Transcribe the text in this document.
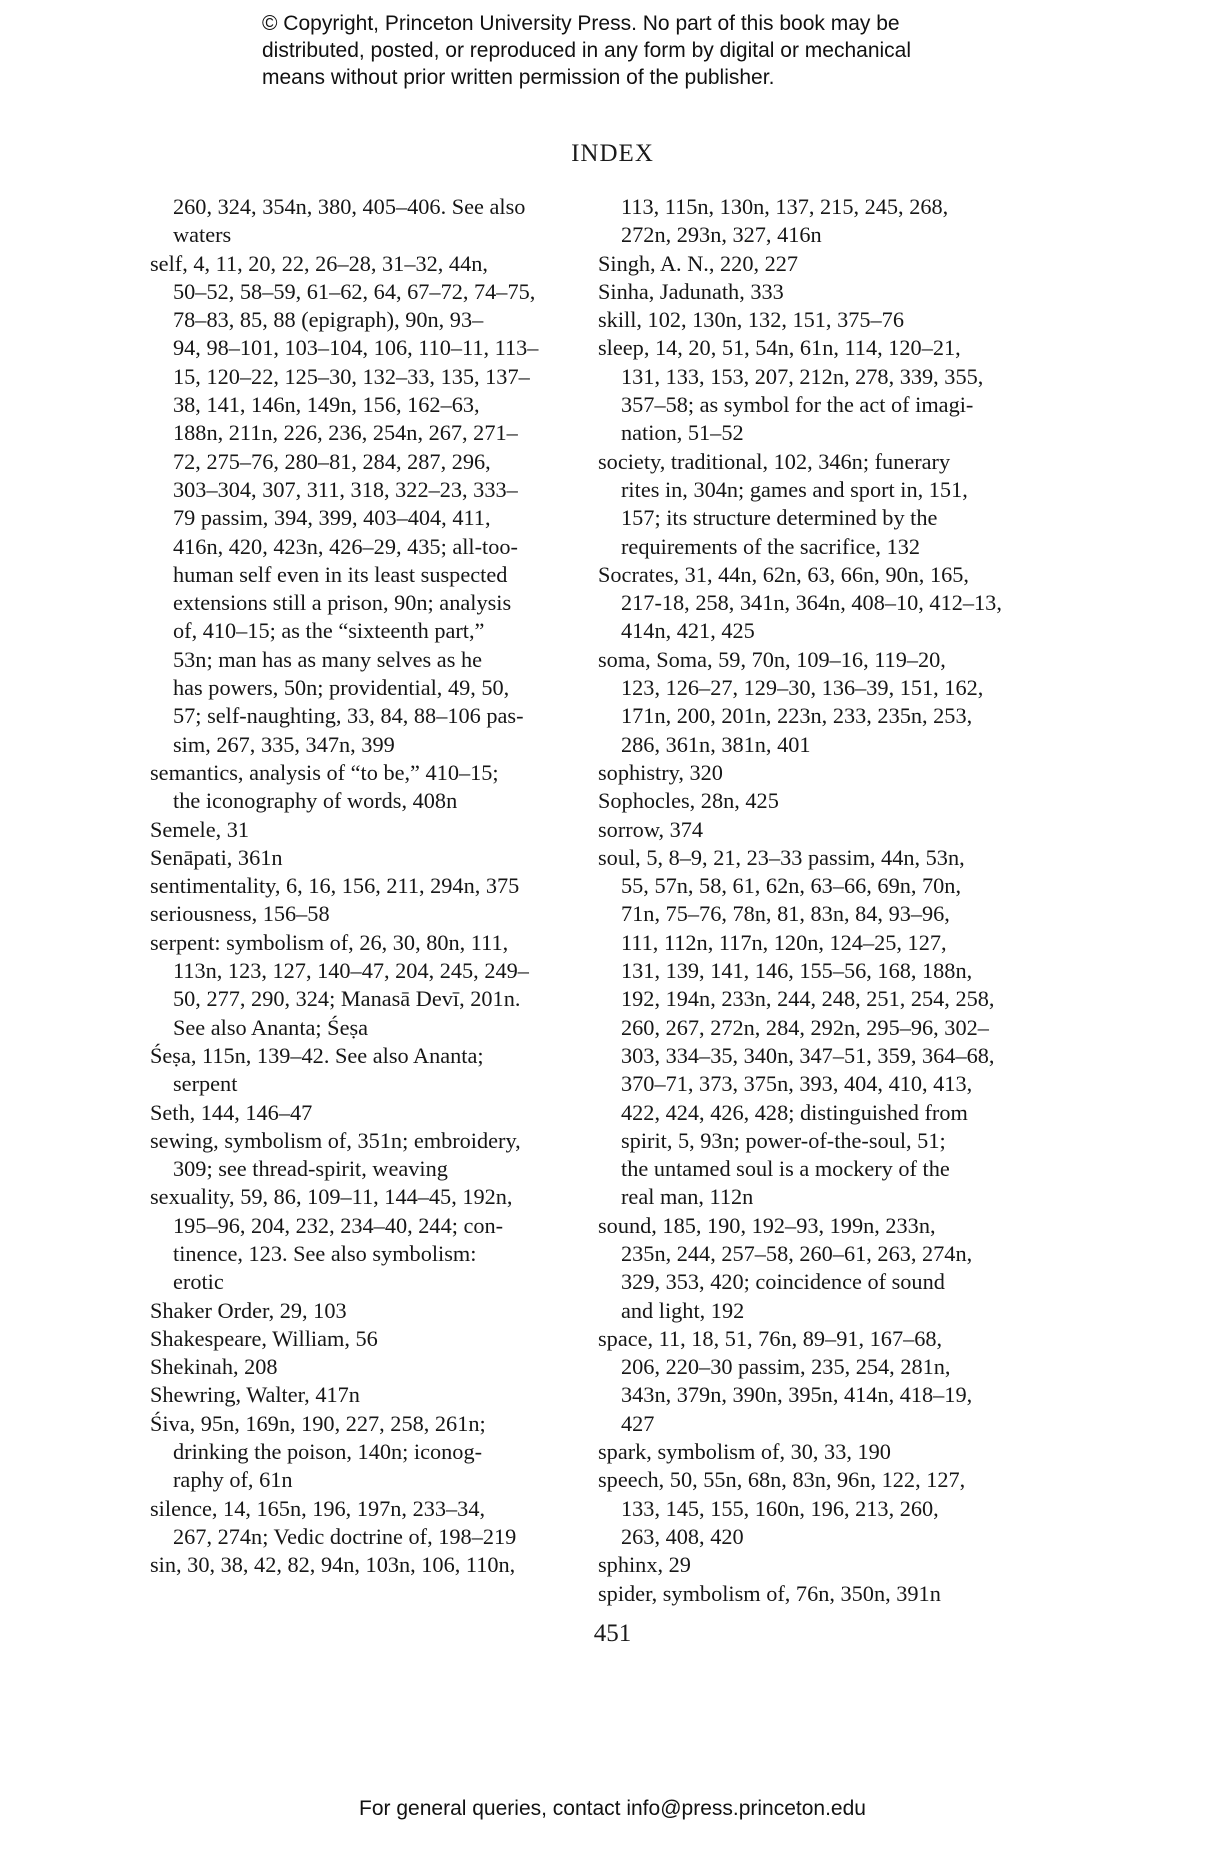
© Copyright, Princeton University Press. No part of this book may be
distributed, posted, or reproduced in any form by digital or mechanical
means without prior written permission of the publisher.
INDEX
260, 324, 354n, 380, 405–406. See also
waters
self, 4, 11, 20, 22, 26–28, 31–32, 44n,
50–52, 58–59, 61–62, 64, 67–72, 74–75,
78–83, 85, 88 (epigraph), 90n, 93–
94, 98–101, 103–104, 106, 110–11, 113–
15, 120–22, 125–30, 132–33, 135, 137–
38, 141, 146n, 149n, 156, 162–63,
188n, 211n, 226, 236, 254n, 267, 271–
72, 275–76, 280–81, 284, 287, 296,
303–304, 307, 311, 318, 322–23, 333–
79 passim, 394, 399, 403–404, 411,
416n, 420, 423n, 426–29, 435; all-too-
human self even in its least suspected
extensions still a prison, 90n; analysis
of, 410–15; as the “sixteenth part,”
53n; man has as many selves as he
has powers, 50n; providential, 49, 50,
57; self-naughting, 33, 84, 88–106 pas-
sim, 267, 335, 347n, 399
semantics, analysis of “to be,” 410–15;
the iconography of words, 408n
Semele, 31
Senāpati, 361n
sentimentality, 6, 16, 156, 211, 294n, 375
seriousness, 156–58
serpent: symbolism of, 26, 30, 80n, 111,
113n, 123, 127, 140–47, 204, 245, 249–
50, 277, 290, 324; Manasā Devī, 201n.
See also Ananta; Śeṣa
Śeṣa, 115n, 139–42. See also Ananta;
serpent
Seth, 144, 146–47
sewing, symbolism of, 351n; embroidery,
309; see thread-spirit, weaving
sexuality, 59, 86, 109–11, 144–45, 192n,
195–96, 204, 232, 234–40, 244; con-
tinence, 123. See also symbolism:
erotic
Shaker Order, 29, 103
Shakespeare, William, 56
Shekinah, 208
Shewring, Walter, 417n
Śiva, 95n, 169n, 190, 227, 258, 261n;
drinking the poison, 140n; iconog-
raphy of, 61n
silence, 14, 165n, 196, 197n, 233–34,
267, 274n; Vedic doctrine of, 198–219
sin, 30, 38, 42, 82, 94n, 103n, 106, 110n,
113, 115n, 130n, 137, 215, 245, 268,
272n, 293n, 327, 416n
Singh, A. N., 220, 227
Sinha, Jadunath, 333
skill, 102, 130n, 132, 151, 375–76
sleep, 14, 20, 51, 54n, 61n, 114, 120–21,
131, 133, 153, 207, 212n, 278, 339, 355,
357–58; as symbol for the act of imagi-
nation, 51–52
society, traditional, 102, 346n; funerary
rites in, 304n; games and sport in, 151,
157; its structure determined by the
requirements of the sacrifice, 132
Socrates, 31, 44n, 62n, 63, 66n, 90n, 165,
217-18, 258, 341n, 364n, 408–10, 412–13,
414n, 421, 425
soma, Soma, 59, 70n, 109–16, 119–20,
123, 126–27, 129–30, 136–39, 151, 162,
171n, 200, 201n, 223n, 233, 235n, 253,
286, 361n, 381n, 401
sophistry, 320
Sophocles, 28n, 425
sorrow, 374
soul, 5, 8–9, 21, 23–33 passim, 44n, 53n,
55, 57n, 58, 61, 62n, 63–66, 69n, 70n,
71n, 75–76, 78n, 81, 83n, 84, 93–96,
111, 112n, 117n, 120n, 124–25, 127,
131, 139, 141, 146, 155–56, 168, 188n,
192, 194n, 233n, 244, 248, 251, 254, 258,
260, 267, 272n, 284, 292n, 295–96, 302–
303, 334–35, 340n, 347–51, 359, 364–68,
370–71, 373, 375n, 393, 404, 410, 413,
422, 424, 426, 428; distinguished from
spirit, 5, 93n; power-of-the-soul, 51;
the untamed soul is a mockery of the
real man, 112n
sound, 185, 190, 192–93, 199n, 233n,
235n, 244, 257–58, 260–61, 263, 274n,
329, 353, 420; coincidence of sound
and light, 192
space, 11, 18, 51, 76n, 89–91, 167–68,
206, 220–30 passim, 235, 254, 281n,
343n, 379n, 390n, 395n, 414n, 418–19,
427
spark, symbolism of, 30, 33, 190
speech, 50, 55n, 68n, 83n, 96n, 122, 127,
133, 145, 155, 160n, 196, 213, 260,
263, 408, 420
sphinx, 29
spider, symbolism of, 76n, 350n, 391n
451
For general queries, contact info@press.princeton.edu
